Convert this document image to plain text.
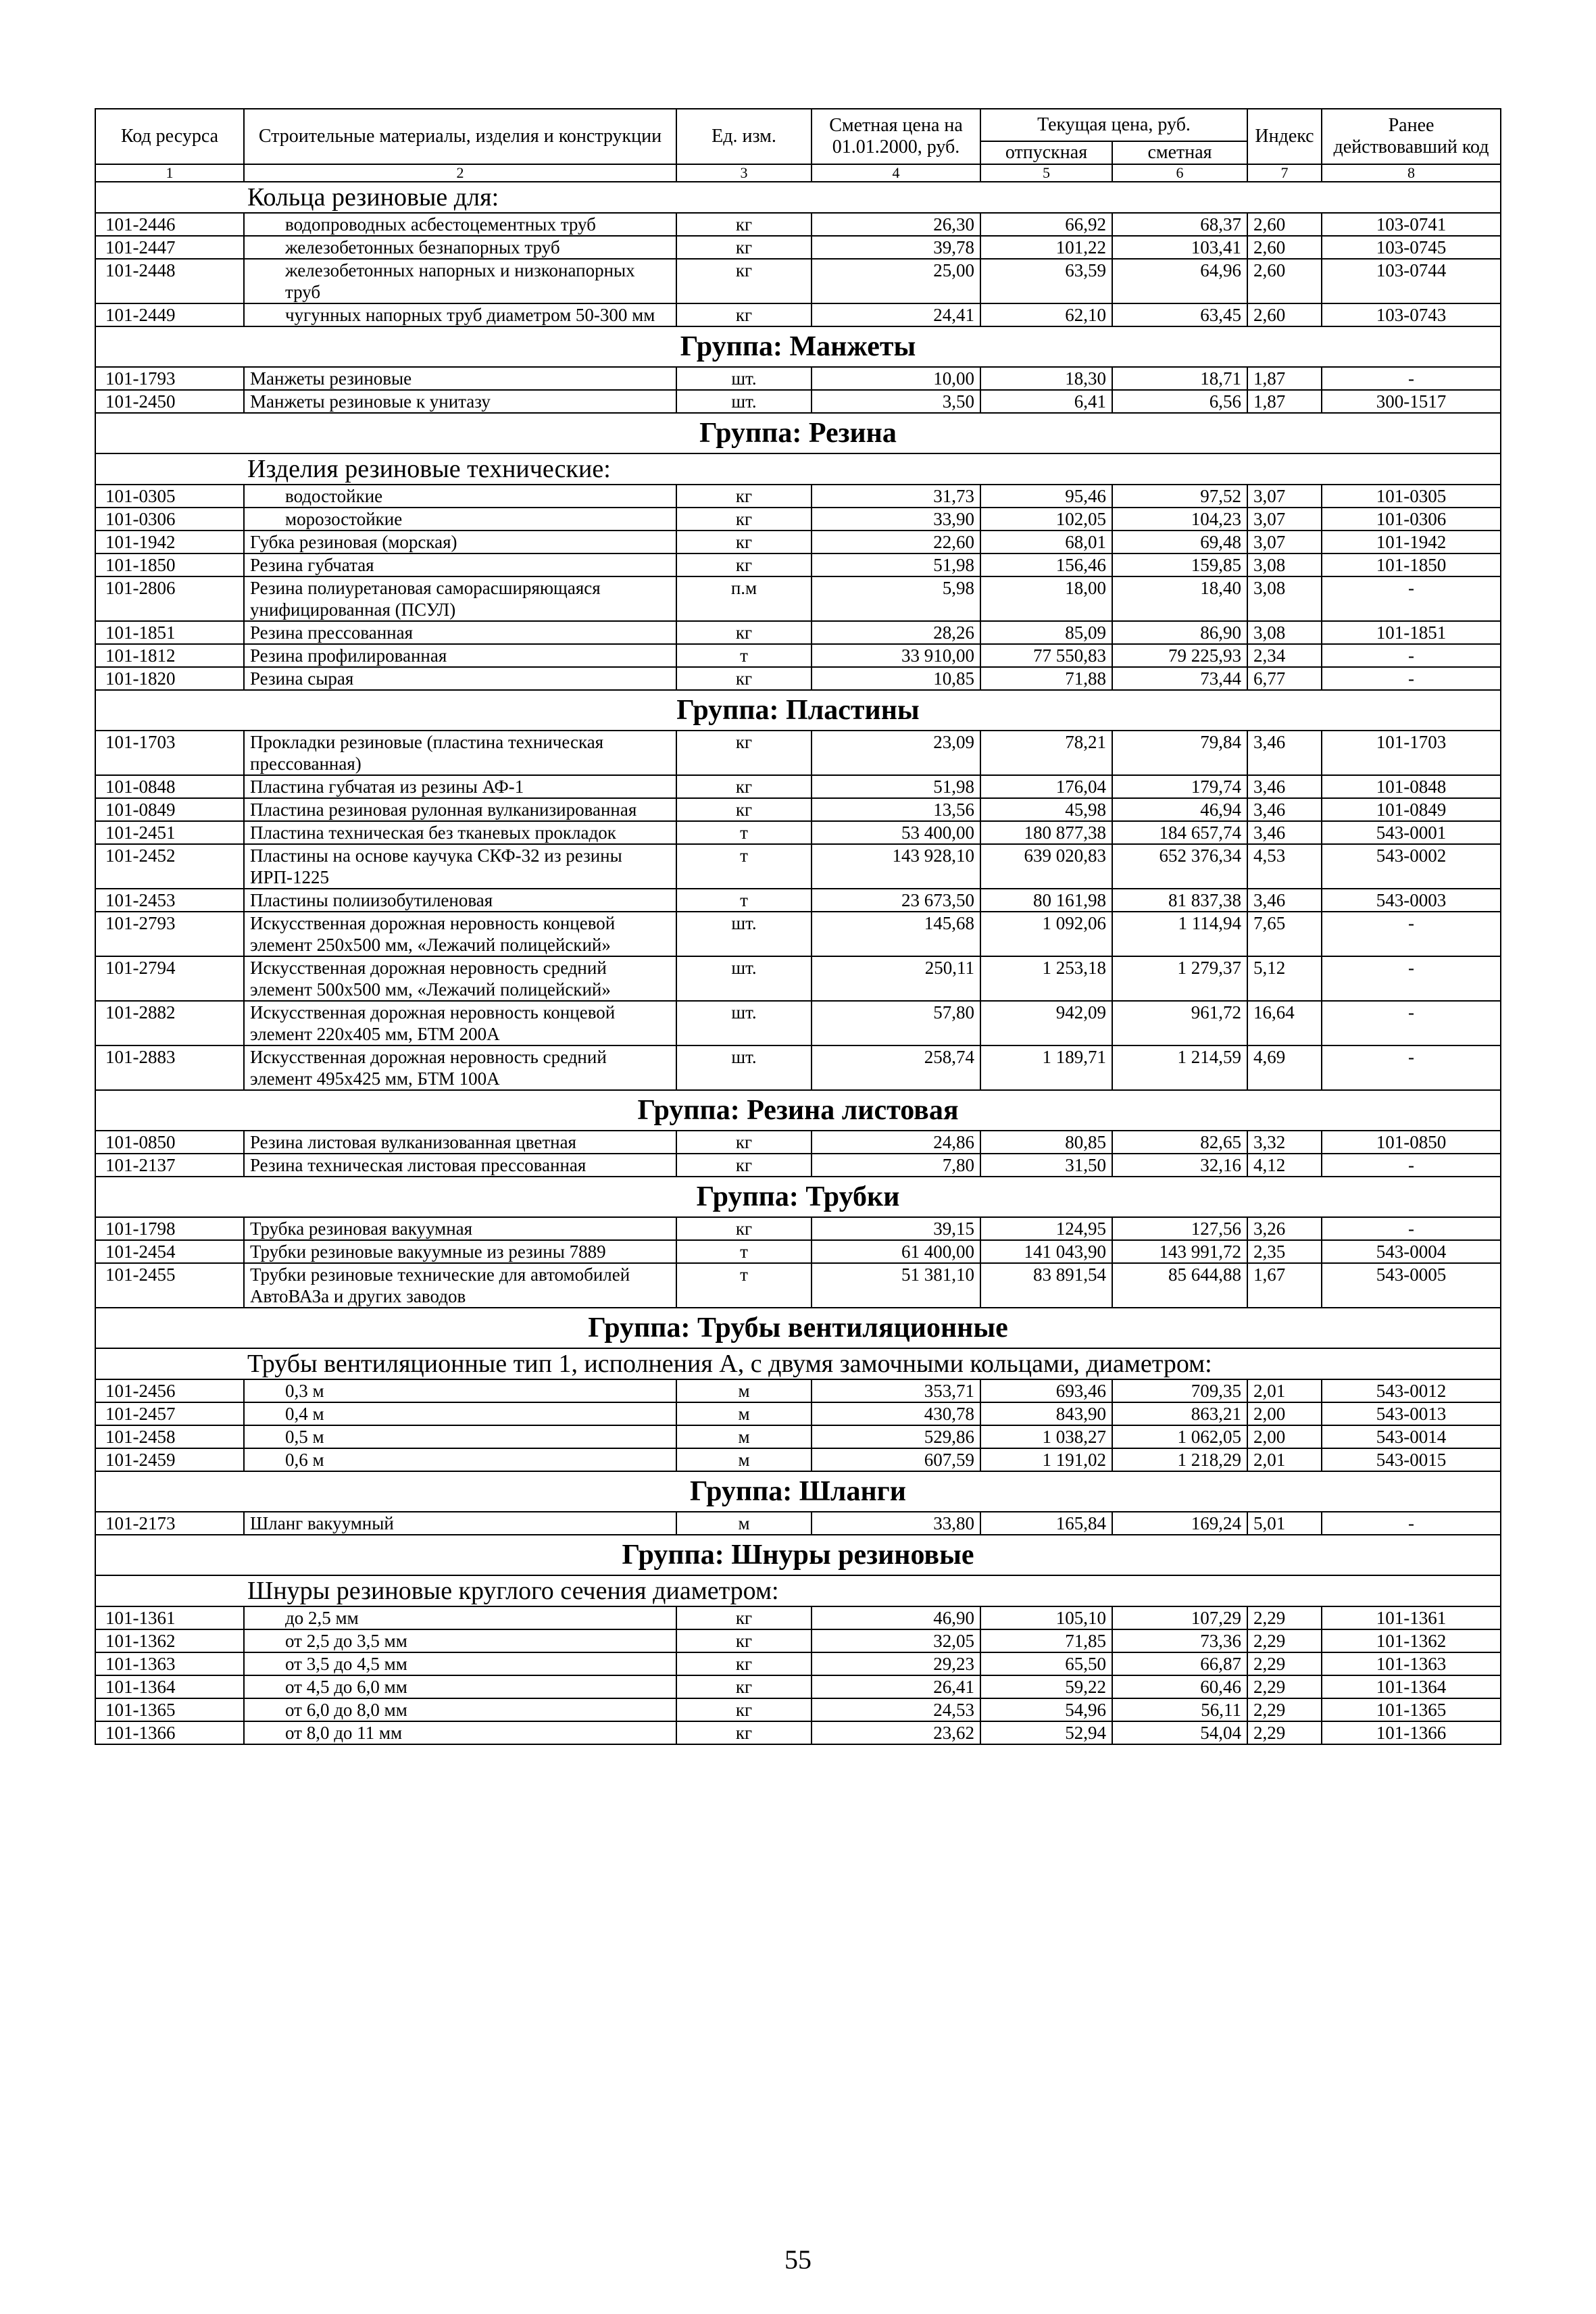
Код ресурса	Строительные материалы, изделия и конструкции	Ед. изм.	Сметная цена на 01.01.2000, руб.	Текущая цена, руб.		Индекс	Ранее действовавший код
				отпускная	сметная		
1	2	3	4	5	6	7	8
Кольца резиновые для:							
101-2446	водопроводных асбестоцементных труб	кг	26,30	66,92	68,37	2,60	103-0741
101-2447	железобетонных безнапорных труб	кг	39,78	101,22	103,41	2,60	103-0745
101-2448	железобетонных напорных и низконапорных труб	кг	25,00	63,59	64,96	2,60	103-0744
101-2449	чугунных напорных труб диаметром 50-300 мм	кг	24,41	62,10	63,45	2,60	103-0743
Группа: Манжеты							
101-1793	Манжеты резиновые	шт.	10,00	18,30	18,71	1,87	-
101-2450	Манжеты резиновые к унитазу	шт.	3,50	6,41	6,56	1,87	300-1517
Группа: Резина							
Изделия резиновые технические:							
101-0305	водостойкие	кг	31,73	95,46	97,52	3,07	101-0305
101-0306	морозостойкие	кг	33,90	102,05	104,23	3,07	101-0306
101-1942	Губка резиновая (морская)	кг	22,60	68,01	69,48	3,07	101-1942
101-1850	Резина губчатая	кг	51,98	156,46	159,85	3,08	101-1850
101-2806	Резина полиуретановая саморасширяющаяся унифицированная (ПСУЛ)	п.м	5,98	18,00	18,40	3,08	-
101-1851	Резина прессованная	кг	28,26	85,09	86,90	3,08	101-1851
101-1812	Резина профилированная	т	33 910,00	77 550,83	79 225,93	2,34	-
101-1820	Резина сырая	кг	10,85	71,88	73,44	6,77	-
Группа: Пластины							
101-1703	Прокладки резиновые (пластина техническая прессованная)	кг	23,09	78,21	79,84	3,46	101-1703
101-0848	Пластина губчатая из резины АФ-1	кг	51,98	176,04	179,74	3,46	101-0848
101-0849	Пластина резиновая рулонная вулканизированная	кг	13,56	45,98	46,94	3,46	101-0849
101-2451	Пластина техническая без тканевых прокладок	т	53 400,00	180 877,38	184 657,74	3,46	543-0001
101-2452	Пластины на основе каучука СКФ-32 из резины ИРП-1225	т	143 928,10	639 020,83	652 376,34	4,53	543-0002
101-2453	Пластины полиизобутиленовая	т	23 673,50	80 161,98	81 837,38	3,46	543-0003
101-2793	Искусственная дорожная неровность концевой элемент 250х500 мм, «Лежачий полицейский»	шт.	145,68	1 092,06	1 114,94	7,65	-
101-2794	Искусственная дорожная неровность средний элемент 500х500 мм, «Лежачий полицейский»	шт.	250,11	1 253,18	1 279,37	5,12	-
101-2882	Искусственная дорожная неровность концевой элемент 220х405 мм, БТМ 200А	шт.	57,80	942,09	961,72	16,64	-
101-2883	Искусственная дорожная неровность средний элемент 495х425 мм, БТМ 100А	шт.	258,74	1 189,71	1 214,59	4,69	-
Группа: Резина листовая							
101-0850	Резина листовая вулканизованная цветная	кг	24,86	80,85	82,65	3,32	101-0850
101-2137	Резина техническая листовая прессованная	кг	7,80	31,50	32,16	4,12	-
Группа: Трубки							
101-1798	Трубка резиновая вакуумная	кг	39,15	124,95	127,56	3,26	-
101-2454	Трубки резиновые вакуумные из резины 7889	т	61 400,00	141 043,90	143 991,72	2,35	543-0004
101-2455	Трубки резиновые технические для автомобилей АвтоВАЗа и других заводов	т	51 381,10	83 891,54	85 644,88	1,67	543-0005
Группа: Трубы вентиляционные							
Трубы вентиляционные тип 1, исполнения А, с двумя замочными кольцами, диаметром:							
101-2456	0,3 м	м	353,71	693,46	709,35	2,01	543-0012
101-2457	0,4 м	м	430,78	843,90	863,21	2,00	543-0013
101-2458	0,5 м	м	529,86	1 038,27	1 062,05	2,00	543-0014
101-2459	0,6 м	м	607,59	1 191,02	1 218,29	2,01	543-0015
Группа: Шланги							
101-2173	Шланг вакуумный	м	33,80	165,84	169,24	5,01	-
Группа: Шнуры резиновые							
Шнуры резиновые круглого сечения диаметром:							
101-1361	до 2,5 мм	кг	46,90	105,10	107,29	2,29	101-1361
101-1362	от 2,5 до 3,5 мм	кг	32,05	71,85	73,36	2,29	101-1362
101-1363	от 3,5 до 4,5 мм	кг	29,23	65,50	66,87	2,29	101-1363
101-1364	от 4,5 до 6,0 мм	кг	26,41	59,22	60,46	2,29	101-1364
101-1365	от 6,0 до 8,0 мм	кг	24,53	54,96	56,11	2,29	101-1365
101-1366	от 8,0 до 11 мм	кг	23,62	52,94	54,04	2,29	101-1366
55
